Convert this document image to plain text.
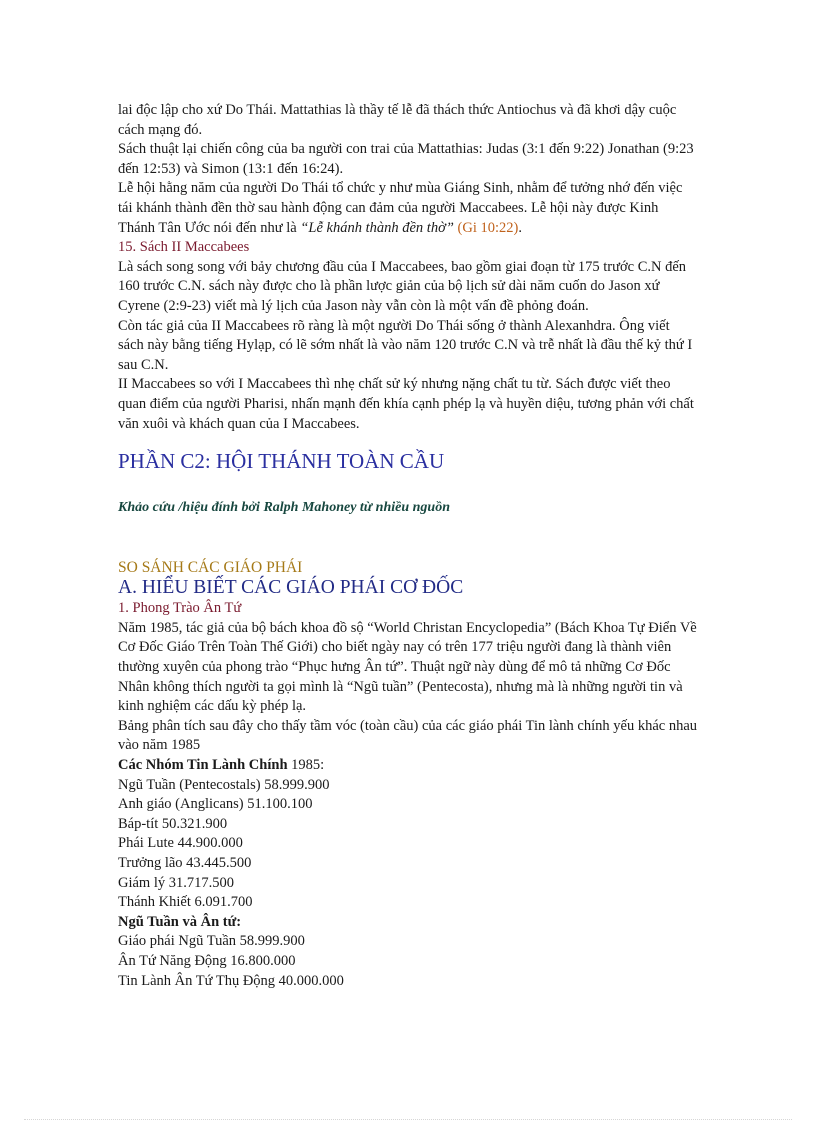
lai độc lập cho xứ Do Thái. Mattathias là thầy tế lễ đã thách thức Antiochus và đã khơi dậy cuộc cách mạng đó.

Sách thuật lại chiến công của ba người con trai của Mattathias: Judas (3:1 đến 9:22) Jonathan (9:23 đến 12:53) và Simon (13:1 đến 16:24).

Lễ hội hằng năm của người Do Thái tổ chức y như mùa Giáng Sinh, nhằm để tưởng nhớ đến việc tái khánh thành đền thờ sau hành động can đảm của người Maccabees. Lễ hội này được Kinh Thánh Tân Ước nói đến như là “Lễ khánh thành đền thờ” (Gi 10:22).

15. Sách II Maccabees

Là sách song song với bảy chương đầu của I Maccabees, bao gồm giai đoạn từ 175 trước C.N đến 160 trước C.N. sách này được cho là phần lược giản của bộ lịch sử dài năm cuốn do Jason xứ Cyrene (2:9-23) viết mà lý lịch của Jason này vẫn còn là một vấn đề phỏng đoán.

Còn tác giả của II Maccabees rõ ràng là một người Do Thái sống ở thành Alexanhdra. Ông viết sách này bằng tiếng Hylạp, có lẽ sớm nhất là vào năm 120 trước C.N và trễ nhất là đầu thế kỷ thứ I sau C.N.

II Maccabees so với I Maccabees thì nhẹ chất sử ký nhưng nặng chất tu từ. Sách được viết theo quan điểm của người Pharisi, nhấn mạnh đến khía cạnh phép lạ và huyền diệu, tương phản với chất văn xuôi và khách quan của I Maccabees.

PHẦN C2: HỘI THÁNH TOÀN CẦU

Khảo cứu /hiệu đính bởi Ralph Mahoney từ nhiều nguồn

SO SÁNH CÁC GIÁO PHÁI

A. HIỂU BIẾT CÁC GIÁO PHÁI CƠ ĐỐC

1. Phong Trào Ân Tứ

Năm 1985, tác giả của bộ bách khoa đồ sộ “World Christan Encyclopedia” (Bách Khoa Tự Điển Về Cơ Đốc Giáo Trên Toàn Thế Giới) cho biết ngày nay có trên 177 triệu người đang là thành viên thường xuyên của phong trào “Phục hưng Ân tứ”. Thuật ngữ này dùng để mô tả những Cơ Đốc Nhân không thích người ta gọi mình là “Ngũ tuần” (Pentecosta), nhưng mà là những người tin và kinh nghiệm các dấu kỳ phép lạ.

Bảng phân tích sau đây cho thấy tầm vóc (toàn cầu) của các giáo phái Tin lành chính yếu khác nhau vào năm 1985

Các Nhóm Tin Lành Chính 1985:

Ngũ Tuần (Pentecostals) 58.999.900

Anh giáo (Anglicans) 51.100.100

Báp-tít 50.321.900

Phái Lute 44.900.000

Trưởng lão 43.445.500

Giám lý 31.717.500

Thánh Khiết 6.091.700

Ngũ Tuần và Ân tứ:

Giáo phái Ngũ Tuần 58.999.900

Ân Tứ Năng Động 16.800.000

Tin Lành Ân Tứ Thụ Động 40.000.000
